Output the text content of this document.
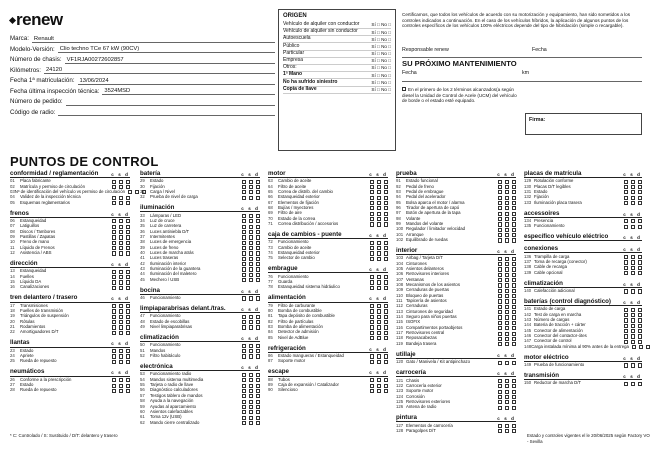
renew
Marca: Renault
Modelo-Versión: Clio techno TCe 67 kW (90CV)
Número de chasis: VF1RJA00272602857
Kilómetros: 24120
Fecha 1ª matriculación: 13/06/2024
Fecha última inspección técnica: 3524MSD
Número de pedido:
Código de radio:
ORIGEN
Vehículo de alquiler con conductor	Sí □ No □
Vehículo de alquiler sin conductor	Sí □ No □
Autoescuela	Sí □ No □
Público	Sí □ No □
Particular	Sí □ No □
Empresa	Sí □ No □
Otros:	Sí □ No □
1ª Mano	Sí □ No □
No ha sufrido siniestro	Sí □ No □
Copia de llave	Sí □ No □
Certificamos, que todos los vehículos de acuerdo con su motorización y equipamiento, han sido sometidos a los controles indicados a continuación. En el caso de los vehículos híbridos, la aplicación de algunos puntos de los controles específicos de los vehículos 100% eléctricos depende del tipo de hibridación (simple o recargable).
Responsable renew	Fecha
SU PRÓXIMO MANTENIMIENTO
Fecha	km
En el primero de los 2 términos alcanzados(a según diesel la Unidad de Control de Acele (UCM) del vehículo de borde o el estado esté equipado.
Firma:
PUNTOS DE CONTROL
conformidad / reglamentación	c s d
01	Placa fabricante
02	Matrícula y permiso de circulación
03 Nº de identificación del vehículo vs permiso de circulación
04	Validez de la inspección técnica
05	Esquemas reglamentarios
frenos	c s d
06	Estanqueidad
07	Latiguillos
08	Discos / Tambores
09	Pastillas / Zapatas
10	Freno de mano
11	Líquido de Frenos
12	Asistencia / ABS
dirección	c s d
13	Estanqueidad
14	Fuelles
15	Líquido DA
16	Canalizaciones
tren delantero / trasero	c s d
17	Transmisiones
18	Fuelles de transmisión
19	Triángulos de suspensión
20	Rótulas
21	Rodamientos
22	Amortiguadores D/T
llantas	c s d
23	Estado
24	Apriete
25	Rueda de repuesto
neumáticos	c s d
26	Conforme a la prescripción
27	Estado
28	Rueda de repuesto
batería	c s d
29	Estado
30	Fijación
31	Carga / Nivel
32	Prueba de nivel de carga
iluminación	c s d
33	Lámparas / LED
34	Luz de cruce
35	Luz de carretera
36	Luces antiniebla D/T
37	Intermitentes
38	Luces de emergencia
39	Luces de freno
40	Luces de marcha atrás
41	Luces traseras
42	Iluminación interior
43	Iluminación de la guantera
44	Iluminación del maletero
45	Mechero / USB
bocina	c s d
46	Funcionamiento
limpiaparabrisas delant./tras.	c s d
47	Funcionamiento
48	Estado de escobillas
49	Nivel limpiaparabrisas
climatización	c s d
50	Funcionamiento
51	Mandos
52	Filtro habitáculo
electrónica	c s d
53	Funcionamiento radio
54	Mandos sistema multimedia
55	Tarjeta o radio de llave
56	Diagnóstico calculadores
57	Testigos tablero de mandos
58	Ayuda a la navegación
59	Ayudas al aparcamiento
60	Asientos calefactables
61	Toma 12v (USB)
62	Mando cierre centralizado
motor	c s d
63	Cambio de aceite
64	Filtro de aceite
65	Correa de distrib. del cambio
66	Estanqueidad exterior
67	Elementos de fijación
68	Bujías / Inyectores
69	Filtro de aire
70	Estado de la correa
71	Correa distribución / accesorios
caja de cambios - puente	c s d
72	Funcionamiento
73	Cambio de aceite
74	Estanqueidad exterior
75	Selector de cambio
embrague	c s d
76	Funcionamiento
77	Guarda
78	Estanqueidad sistema hidráulico
alimentación	c s d
79	Filtro de carburante
80	Bomba de combustible
81	Tapa depósito de combustible
82	Filtro de partículas
83	Bomba de alimentación
84	Detector de admisión
85	Nivel de AdBlue
refrigeración	c s d
86	Estado mangueras / Estanqueidad
87	Soporte motor
escape	c s d
88	Tubos
89	Caja de expansión / Catalizador
90	Silencioso
prueba	c s d
91	Estado funcional
92	Pedal de freno
93	Pedal de embrague
94	Pedal del acelerador
95	Bolsa aparca el motor / alarma
96	Tirador de apertura de capó
97	Botón de apertura de la tapa
98	Volante
99	Mandos del volante
100 Regulador / limitador velocidad
101 Arranque
102 Equilibrado de ruedas
interior	c s d
103 Airbag / Tarjeta D/T
104 Cinturones
105 Asientos delanteros
106 Retrovisores interiores
107 Ventanas
108 Mecanismos de los asientos
109 Cerraduras de puertas
110 Bloqueo de puertas
111 Tapicería de asientos
112 Cerraduras
113 Cinturones de seguridad
114 Seguro para niños puertas
115 ISOFIX
116 Compartimentos portaobjetos
117 Retrovisores central
118 Reposacabezas
119 Bandeja trasera
utillaje	c s d
120 Gato / Manivela / Kit antipinchazo
carrocería	c s d
121 Chasis
122 Carrocería exterior
123 Soporte motor
124 Corrosión
125 Retrovisores exteriores
126 Antena de radio
pintura	c s d
127 Elementos de carrocería
128 Paragolpes D/T
placas de matrícula	c s d
129 Rotulación conforme
130 Placas D/T legibles
131 Estado
132 Fijación
133 Iluminación placa trasera
accessoires	c s d
134 Presencia
135 Funcionamiento
específico vehículo eléctrico	c s d
conexiones	c s d
136 Trampilla de carga
137 Toma de recarga (conector)
138 Cable de recarga
139 Cable opcional
climatización	c s d
140 Calefacción adicional
baterías (control diagnóstico)	c s d
141 Estado de carga
142 Test de carga en marcha
143 Número de cargas
144 Bateria de tracción + cárter
145 Conector de alimentación
146 Conector del contactor-ótes
147 Conector de control
148 Carga instalada mínima al 90% antes de la entrega
motor eléctrico	c s d
149 Prueba de funcionamiento
transmisión	c s d
150 Reductor de marcha D/T
* C: Controlado / S: Sustituido / D/T: delantero y trasero	Estado y controles vigentes el le 20/06/2025 según Factory VO - Sevilla
